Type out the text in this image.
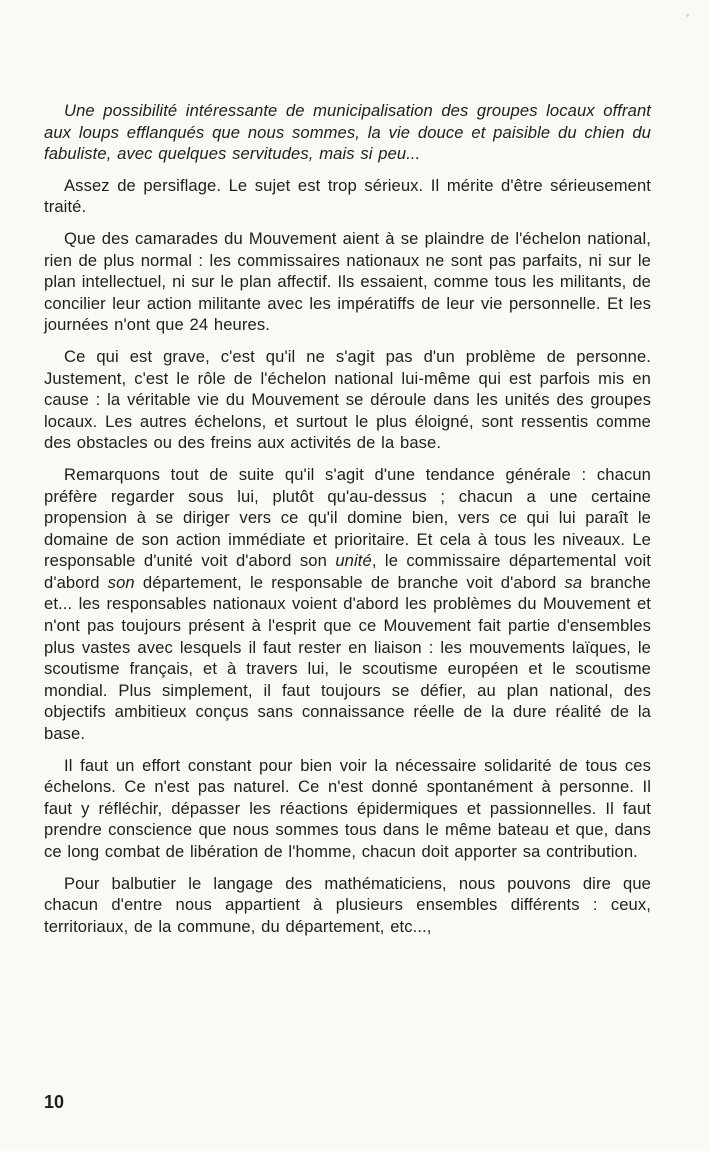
Une possibilité intéressante de municipalisation des groupes locaux offrant aux loups efflanqués que nous sommes, la vie douce et paisible du chien du fabuliste, avec quelques servitudes, mais si peu...

Assez de persiflage. Le sujet est trop sérieux. Il mérite d'être sérieusement traité.

Que des camarades du Mouvement aient à se plaindre de l'échelon national, rien de plus normal : les commissaires nationaux ne sont pas parfaits, ni sur le plan intellectuel, ni sur le plan affectif. Ils essaient, comme tous les militants, de concilier leur action militante avec les impératiffs de leur vie personnelle. Et les journées n'ont que 24 heures.

Ce qui est grave, c'est qu'il ne s'agit pas d'un problème de personne. Justement, c'est le rôle de l'échelon national lui-même qui est parfois mis en cause : la véritable vie du Mouvement se déroule dans les unités des groupes locaux. Les autres échelons, et surtout le plus éloigné, sont ressentis comme des obstacles ou des freins aux activités de la base.

Remarquons tout de suite qu'il s'agit d'une tendance générale : chacun préfère regarder sous lui, plutôt qu'au-dessus ; chacun a une certaine propension à se diriger vers ce qu'il domine bien, vers ce qui lui paraît le domaine de son action immédiate et prioritaire. Et cela à tous les niveaux. Le responsable d'unité voit d'abord son unité, le commissaire départemental voit d'abord son département, le responsable de branche voit d'abord sa branche et... les responsables nationaux voient d'abord les problèmes du Mouvement et n'ont pas toujours présent à l'esprit que ce Mouvement fait partie d'ensembles plus vastes avec lesquels il faut rester en liaison : les mouvements laïques, le scoutisme français, et à travers lui, le scoutisme européen et le scoutisme mondial. Plus simplement, il faut toujours se défier, au plan national, des objectifs ambitieux conçus sans connaissance réelle de la dure réalité de la base.

Il faut un effort constant pour bien voir la nécessaire solidarité de tous ces échelons. Ce n'est pas naturel. Ce n'est donné spontanément à personne. Il faut y réfléchir, dépasser les réactions épidermiques et passionnelles. Il faut prendre conscience que nous sommes tous dans le même bateau et que, dans ce long combat de libération de l'homme, chacun doit apporter sa contribution.

Pour balbutier le langage des mathématiciens, nous pouvons dire que chacun d'entre nous appartient à plusieurs ensembles différents : ceux, territoriaux, de la commune, du département, etc...,

10
